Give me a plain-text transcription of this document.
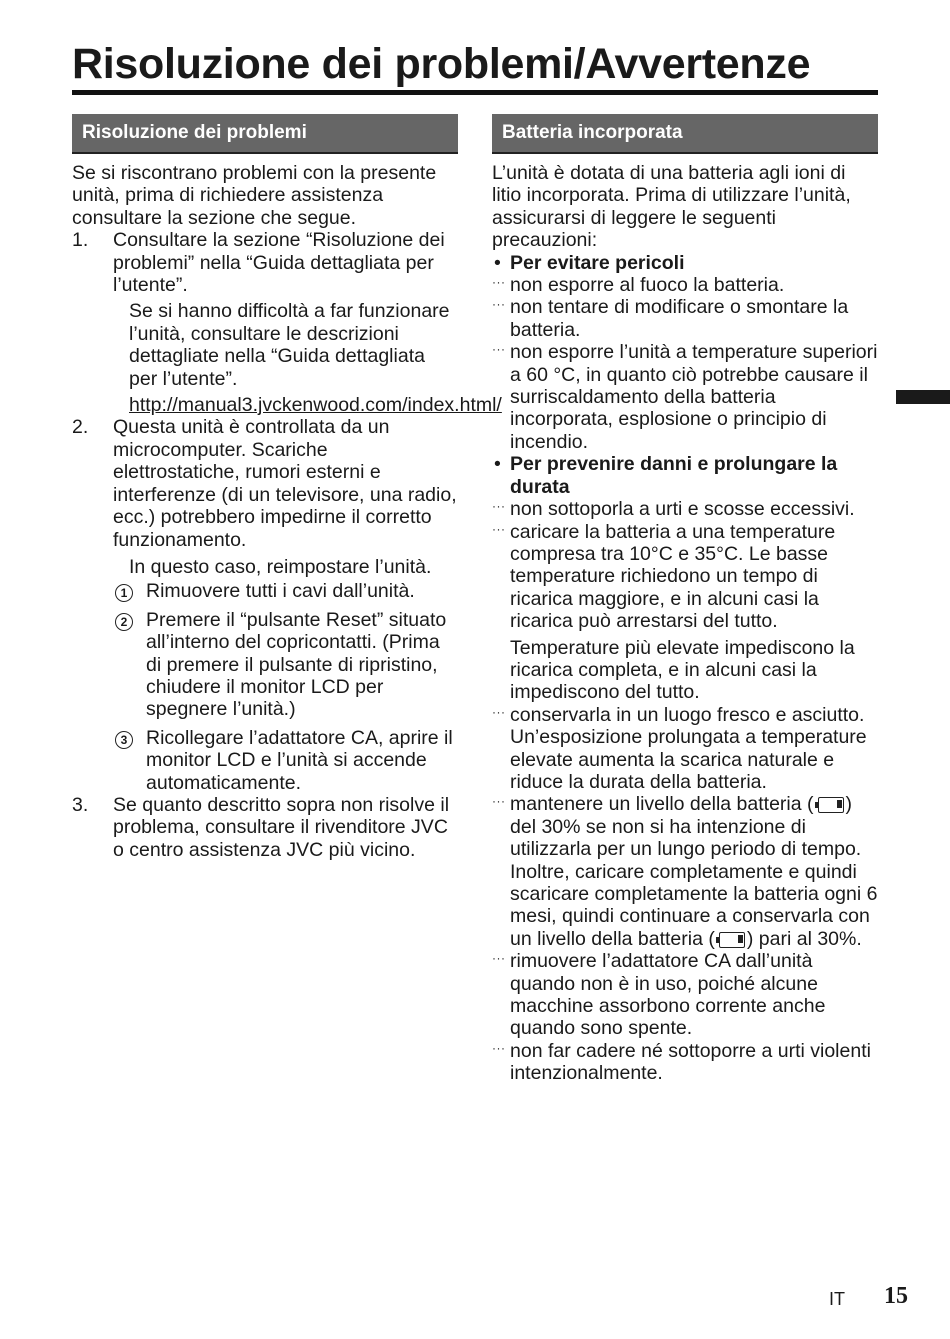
Risoluzione dei problemi/Avvertenze
Risoluzione dei problemi

Se si riscontrano problemi con la presente unità, prima di richiedere assistenza consultare la sezione che segue.

1.	Consultare la sezione “Risoluzione dei problemi” nella “Guida dettagliata per l’utente”.
Se si hanno difficoltà a far funzionare l’unità, consultare le descrizioni dettagliate nella “Guida dettagliata per l’utente”.
http://manual3.jvckenwood.com/index.html/
2.	Questa unità è controllata da un microcomputer. Scariche elettrostatiche, rumori esterni e interferenze (di un televisore, una radio, ecc.) potrebbero impedirne il corretto funzionamento.
In questo caso, reimpostare l’unità.
1 Rimuovere tutti i cavi dall’unità.
2 Premere il “pulsante Reset” situato all’interno del copricontatti. (Prima di premere il pulsante di ripristino, chiudere il monitor LCD per spegnere l’unità.)
3 Ricollegare l’adattatore CA, aprire il monitor LCD e l’unità si accende automaticamente.
3.	Se quanto descritto sopra non risolve il problema, consultare il rivenditore JVC o centro assistenza JVC più vicino.
Batteria incorporata

L’unità è dotata di una batteria agli ioni di litio incorporata. Prima di utilizzare l’unità, assicurarsi di leggere le seguenti precauzioni:

• Per evitare pericoli
··· non esporre al fuoco la batteria.
··· non tentare di modificare o smontare la batteria.
··· non esporre l’unità a temperature superiori a 60 °C, in quanto ciò potrebbe causare il surriscaldamento della batteria incorporata, esplosione o principio di incendio.
• Per prevenire danni e prolungare la durata
··· non sottoporla a urti e scosse eccessivi.
··· caricare la batteria a una temperature compresa tra 10°C e 35°C. Le basse temperature richiedono un tempo di ricarica maggiore, e in alcuni casi la ricarica può arrestarsi del tutto.
Temperature più elevate impediscono la ricarica completa, e in alcuni casi la impediscono del tutto.
··· conservarla in un luogo fresco e asciutto. Un’esposizione prolungata a temperature elevate aumenta la scarica naturale e riduce la durata della batteria.
··· mantenere un livello della batteria ( ) del 30% se non si ha intenzione di utilizzarla per un lungo periodo di tempo.
Inoltre, caricare completamente e quindi scaricare completamente la batteria ogni 6 mesi, quindi continuare a conservarla con un livello della batteria ( ) pari al 30%.
··· rimuovere l’adattatore CA dall’unità quando non è in uso, poiché alcune macchine assorbono corrente anche quando sono spente.
··· non far cadere né sottoporre a urti violenti intenzionalmente.
IT 15
